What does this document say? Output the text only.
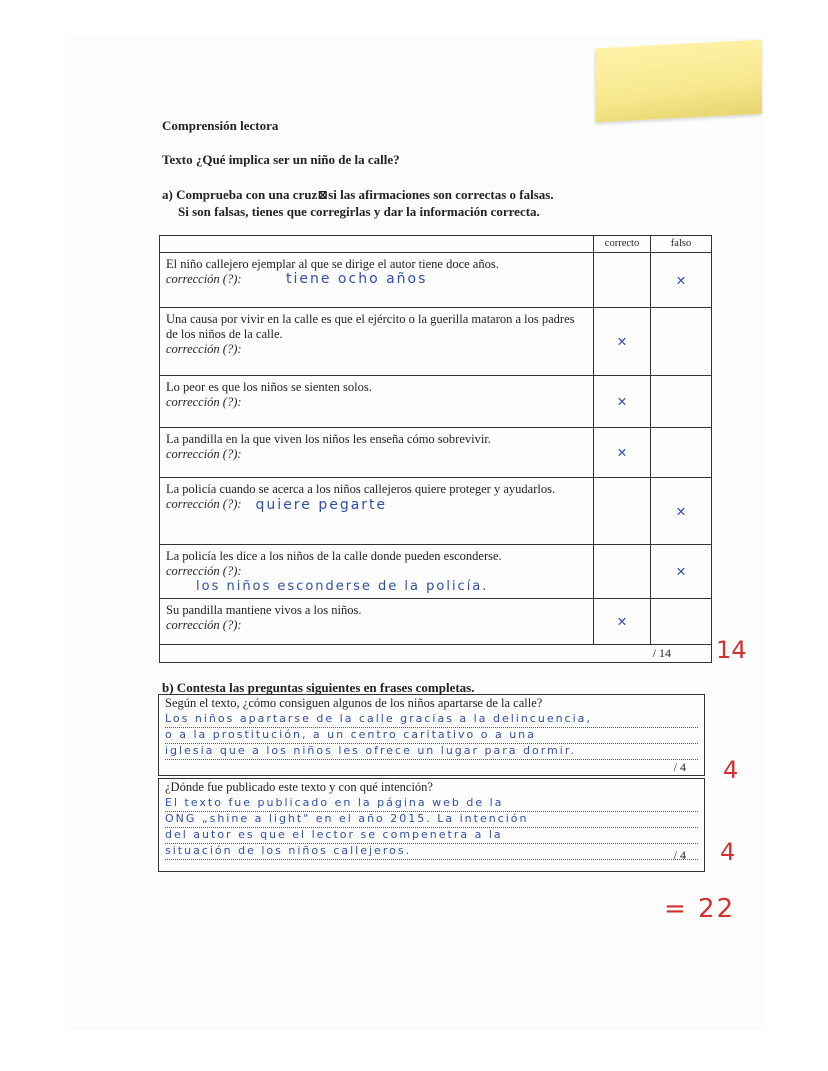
Comprensión lectora
Texto ¿Qué implica ser un niño de la calle?
a) Comprueba con una cruz⊠si las afirmaciones son correctas o falsas.
Si son falsas, tienes que corregirlas y dar la información correcta.
	correcto	falso
El niño callejero ejemplar al que se dirige el autor tiene doce años.
corrección (?): tiene ocho años		✕
Una causa por vivir en la calle es que el ejército o la guerilla mataron a los padres de los niños de la calle.
corrección (?):	✕	
Lo peor es que los niños se sienten solos.
corrección (?):	✕	
La pandilla en la que viven los niños les enseña cómo sobrevivir.
corrección (?):	✕	
La policía cuando se acerca a los niños callejeros quiere proteger y ayudarlos.
corrección (?): quiere pegarte		✕
La policía les dice a los niños de la calle donde pueden esconderse.
corrección (?):
los niños esconderse de la policía.		✕
Su pandilla mantiene vivos a los niños.
corrección (?):	✕	
/ 14		14
b) Contesta las preguntas siguientes en frases completas.
Según el texto, ¿cómo consiguen algunos de los niños apartarse de la calle?
Los niños apartarse de la calle gracias a la delincuencia,
o a la prostitución, a un centro caritativo o a una
iglesia que a los niños les ofrece un lugar para dormir.
/ 4 4
¿Dónde fue publicado este texto y con qué intención?
El texto fue publicado en la página web de la
ONG „shine a light" en el año 2015. La intención
del autor es que el lector se compenetra a la
situación de los niños callejeros.	/ 4 4
= 22
